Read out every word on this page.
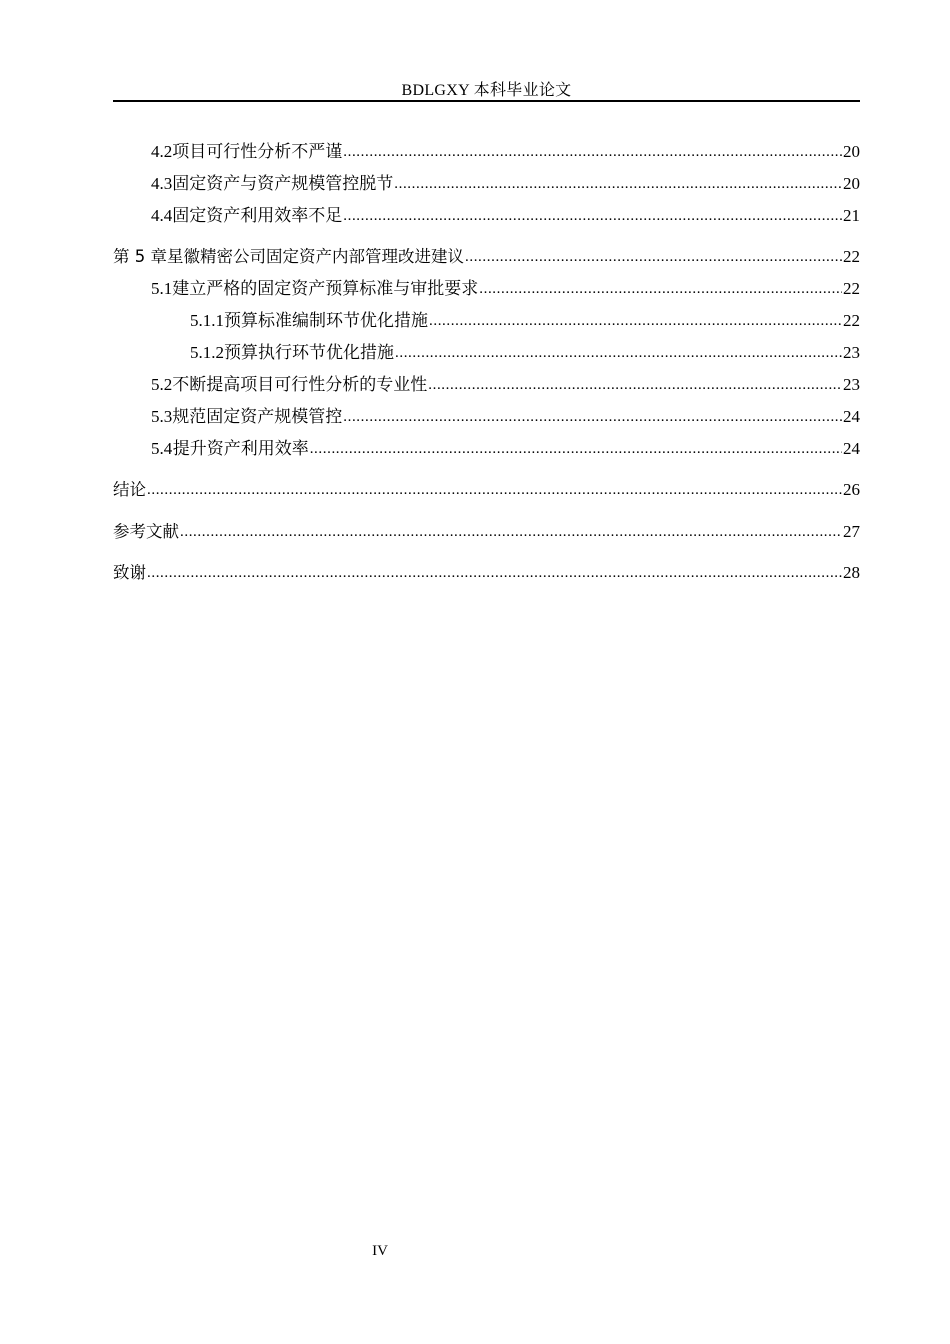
BDLGXY 本科毕业论文
4.2 项目可行性分析不严谨 .....	20
4.3 固定资产与资产规模管控脱节 .....	20
4.4 固定资产利用效率不足 .....	21
第 5 章 星徽精密公司固定资产内部管理改进建议 .....	22
5.1 建立严格的固定资产预算标准与审批要求 .....	22
5.1.1 预算标准编制环节优化措施 .....	22
5.1.2 预算执行环节优化措施 .....	23
5.2 不断提高项目可行性分析的专业性 .....	23
5.3 规范固定资产规模管控 .....	24
5.4 提升资产利用效率 .....	24
结论 .....	26
参考文献 .....	27
致谢 .....	28
IV
